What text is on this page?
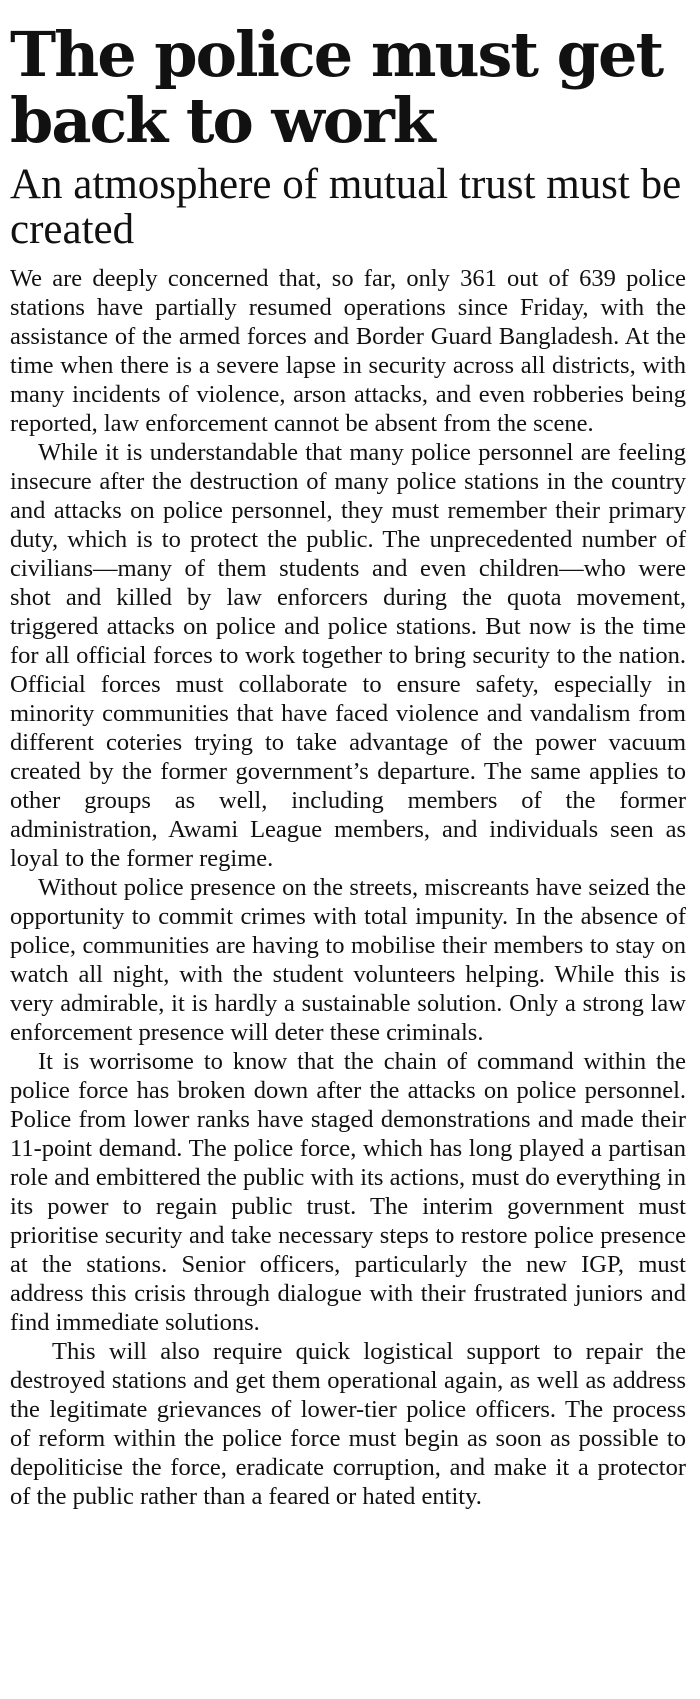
The police must get back to work
An atmosphere of mutual trust must be created

We are deeply concerned that, so far, only 361 out of 639 police stations have partially resumed operations since Friday, with the assistance of the armed forces and Border Guard Bangladesh. At the time when there is a severe lapse in security across all districts, with many incidents of violence, arson attacks, and even robberies being reported, law enforcement cannot be absent from the scene.

While it is understandable that many police personnel are feeling insecure after the destruction of many police stations in the country and attacks on police personnel, they must remember their primary duty, which is to protect the public. The unprecedented number of civilians—many of them students and even children—who were shot and killed by law enforcers during the quota movement, triggered attacks on police and police stations. But now is the time for all official forces to work together to bring security to the nation. Official forces must collaborate to ensure safety, especially in minority communities that have faced violence and vandalism from different coteries trying to take advantage of the power vacuum created by the former government’s departure. The same applies to other groups as well, including members of the former administration, Awami League members, and individuals seen as loyal to the former regime.

Without police presence on the streets, miscreants have seized the opportunity to commit crimes with total impunity. In the absence of police, communities are having to mobilise their members to stay on watch all night, with the student volunteers helping. While this is very admirable, it is hardly a sustainable solution. Only a strong law enforcement presence will deter these criminals.

It is worrisome to know that the chain of command within the police force has broken down after the attacks on police personnel. Police from lower ranks have staged demonstrations and made their 11-point demand. The police force, which has long played a partisan role and embittered the public with its actions, must do everything in its power to regain public trust. The interim government must prioritise security and take necessary steps to restore police presence at the stations. Senior officers, particularly the new IGP, must address this crisis through dialogue with their frustrated juniors and find immediate solutions.

This will also require quick logistical support to repair the destroyed stations and get them operational again, as well as address the legitimate grievances of lower-tier police officers. The process of reform within the police force must begin as soon as possible to depoliticise the force, eradicate corruption, and make it a protector of the public rather than a feared or hated entity.
